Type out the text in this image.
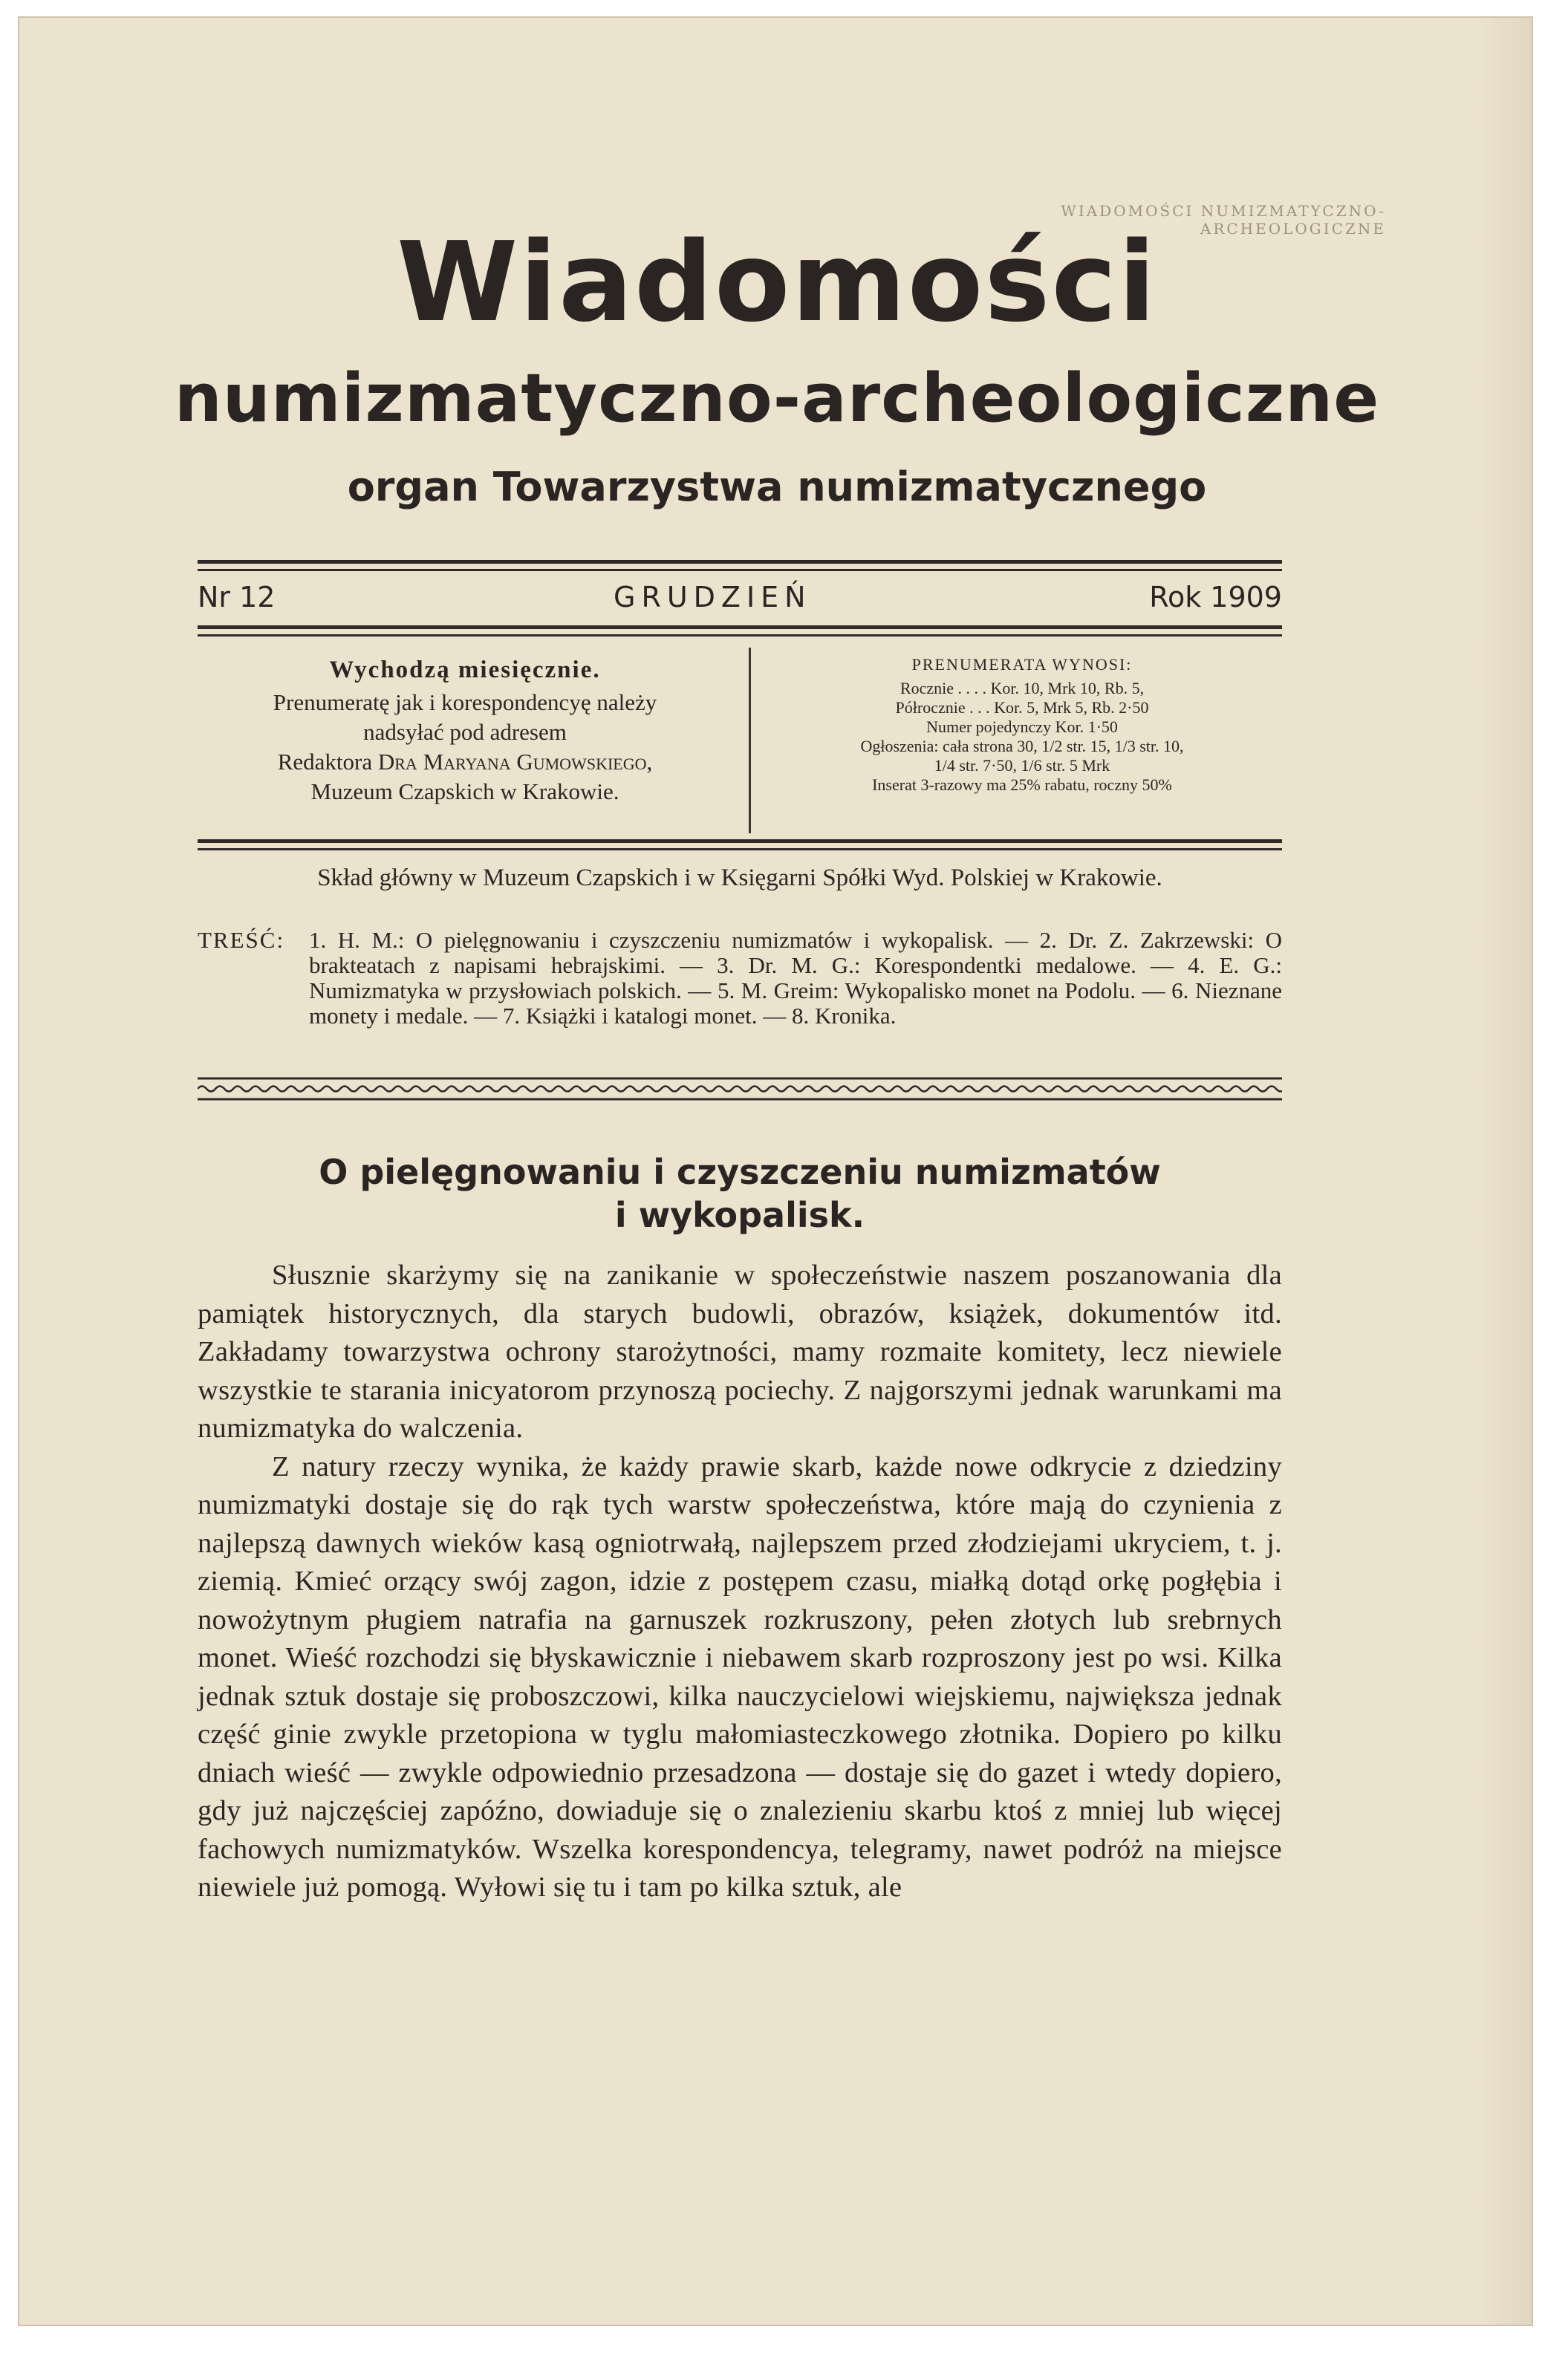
WIADOMOŚCI NUMIZMATYCZNO-ARCHEOLOGICZNE
Wiadomości
numizmatyczno-archeologiczne
organ Towarzystwa numizmatycznego
Nr 12	GRUDZIEŃ	Rok 1909
Wychodzą miesięcznie.
Prenumeratę jak i korespondencyę należy
nadsyłać pod adresem
Redaktora Dra Maryana Gumowskiego,
Muzeum Czapskich w Krakowie.
PRENUMERATA WYNOSI:
Rocznie . . . . Kor. 10, Mrk 10, Rb. 5,
Półrocznie . . . Kor. 5, Mrk 5, Rb. 2·50
Numer pojedynczy Kor. 1·50
Ogłoszenia: cała strona 30, 1/2 str. 15, 1/3 str. 10,
1/4 str. 7·50, 1/6 str. 5 Mrk
Inserat 3-razowy ma 25% rabatu, roczny 50%
Skład główny w Muzeum Czapskich i w Księgarni Spółki Wyd. Polskiej w Krakowie.
TREŚĆ: 1. H. M.: O pielęgnowaniu i czyszczeniu numizmatów i wykopalisk. — 2. Dr. Z. Zakrzewski: O brakteatach z napisami hebrajskimi. — 3. Dr. M. G.: Korespondentki medalowe. — 4. E. G.: Numizmatyka w przysłowiach polskich. — 5. M. Greim: Wykopalisko monet na Podolu. — 6. Nieznane monety i medale. — 7. Książki i katalogi monet. — 8. Kronika.
O pielęgnowaniu i czyszczeniu numizmatów
i wykopalisk.

Słusznie skarżymy się na zanikanie w społeczeństwie naszem poszanowania dla pamiątek historycznych, dla starych budowli, obrazów, książek, dokumentów itd. Zakładamy towarzystwa ochrony starożytności, mamy rozmaite komitety, lecz niewiele wszystkie te starania inicyatorom przynoszą pociechy. Z najgorszymi jednak warunkami ma numizmatyka do walczenia.

Z natury rzeczy wynika, że każdy prawie skarb, każde nowe odkrycie z dziedziny numizmatyki dostaje się do rąk tych warstw społeczeństwa, które mają do czynienia z najlepszą dawnych wieków kasą ogniotrwałą, najlepszem przed złodziejami ukryciem, t. j. ziemią. Kmieć orzący swój zagon, idzie z postępem czasu, miałką dotąd orkę pogłębia i nowożytnym pługiem natrafia na garnuszek rozkruszony, pełen złotych lub srebrnych monet. Wieść rozchodzi się błyskawicznie i niebawem skarb rozproszony jest po wsi. Kilka jednak sztuk dostaje się proboszczowi, kilka nauczycielowi wiejskiemu, największa jednak część ginie zwykle przetopiona w tyglu małomiasteczkowego złotnika. Dopiero po kilku dniach wieść — zwykle odpowiednio przesadzona — dostaje się do gazet i wtedy dopiero, gdy już najczęściej zapóźno, dowiaduje się o znalezieniu skarbu ktoś z mniej lub więcej fachowych numizmatyków. Wszelka korespondencya, telegramy, nawet podróż na miejsce niewiele już pomogą. Wyłowi się tu i tam po kilka sztuk, ale
